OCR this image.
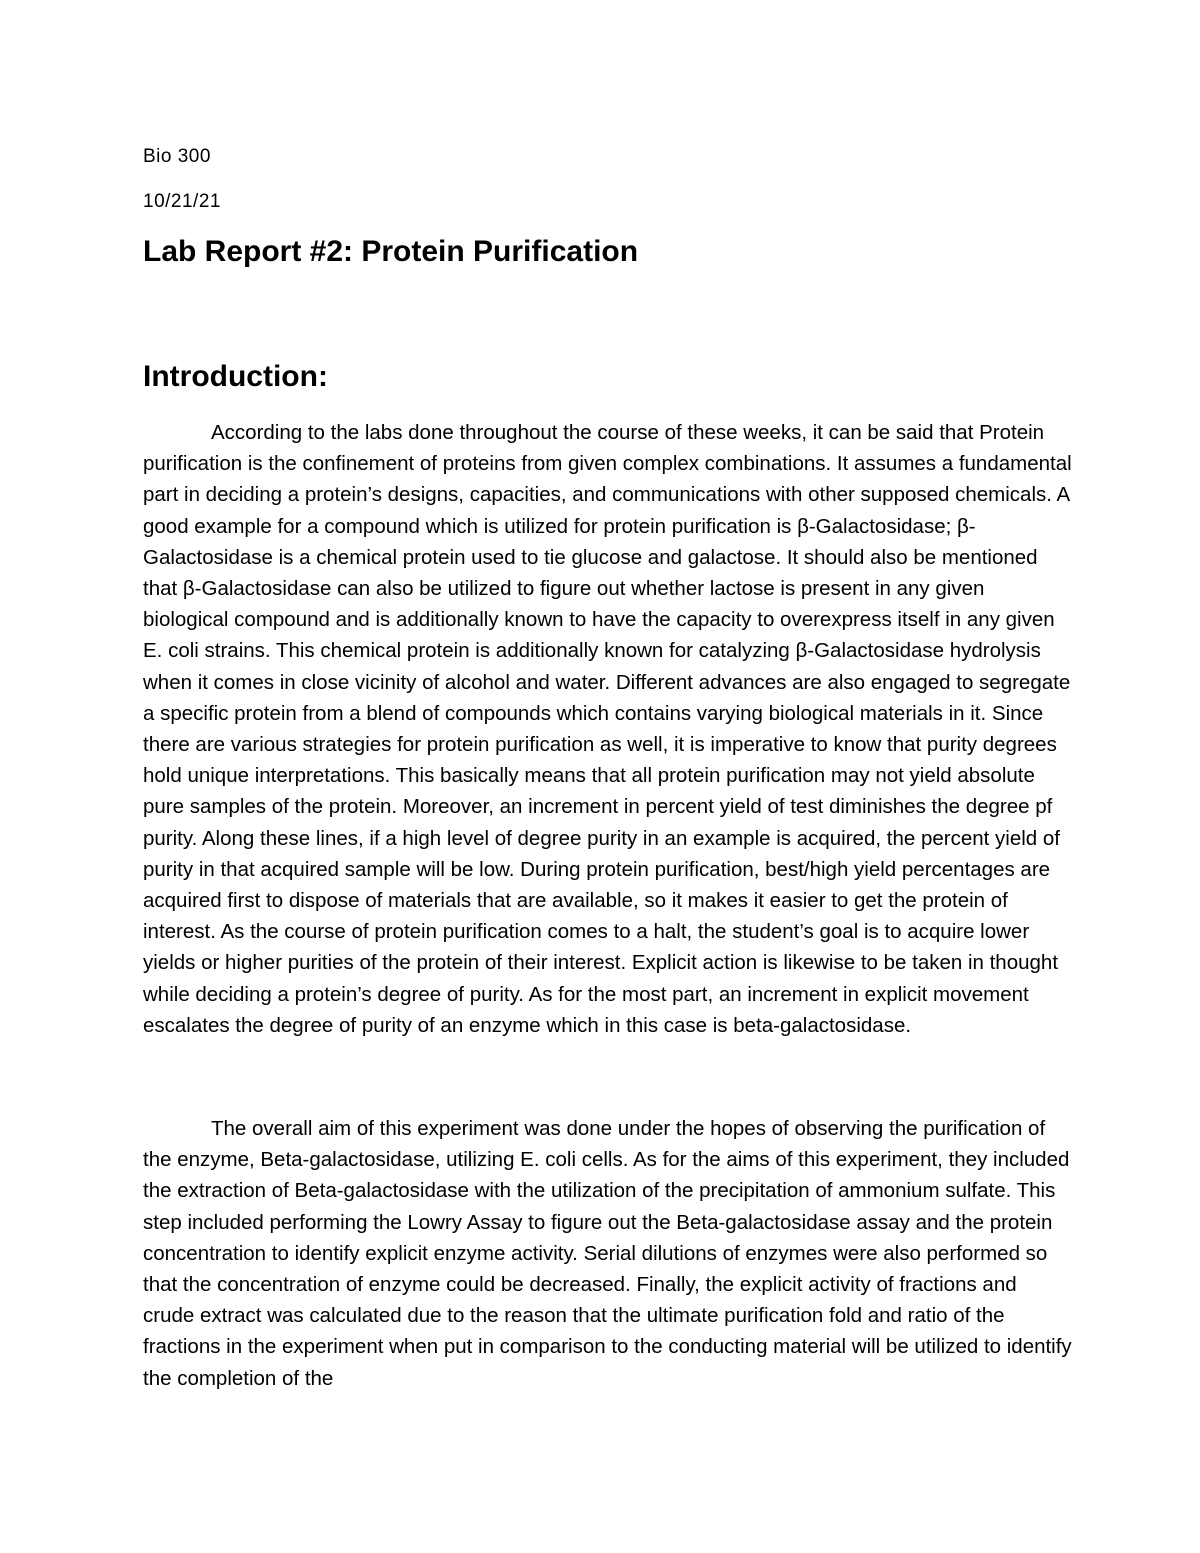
Bio 300
10/21/21
Lab Report #2: Protein Purification
Introduction:

According to the labs done throughout the course of these weeks, it can be said that Protein purification is the confinement of proteins from given complex combinations. It assumes a fundamental part in deciding a protein’s designs, capacities, and communications with other supposed chemicals. A good example for a compound which is utilized for protein purification is β-Galactosidase; β-Galactosidase is a chemical protein used to tie glucose and galactose. It should also be mentioned that β-Galactosidase can also be utilized to figure out whether lactose is present in any given biological compound and is additionally known to have the capacity to overexpress itself in any given E. coli strains. This chemical protein is additionally known for catalyzing β-Galactosidase hydrolysis when it comes in close vicinity of alcohol and water. Different advances are also engaged to segregate a specific protein from a blend of compounds which contains varying biological materials in it. Since there are various strategies for protein purification as well, it is imperative to know that purity degrees hold unique interpretations. This basically means that all protein purification may not yield absolute pure samples of the protein. Moreover, an increment in percent yield of test diminishes the degree pf purity. Along these lines, if a high level of degree purity in an example is acquired, the percent yield of purity in that acquired sample will be low. During protein purification, best/high yield percentages are acquired first to dispose of materials that are available, so it makes it easier to get the protein of interest. As the course of protein purification comes to a halt, the student’s goal is to acquire lower yields or higher purities of the protein of their interest. Explicit action is likewise to be taken in thought while deciding a protein’s degree of purity. As for the most part, an increment in explicit movement escalates the degree of purity of an enzyme which in this case is beta-galactosidase.

The overall aim of this experiment was done under the hopes of observing the purification of the enzyme, Beta-galactosidase, utilizing E. coli cells. As for the aims of this experiment, they included the extraction of Beta-galactosidase with the utilization of the precipitation of ammonium sulfate. This step included performing the Lowry Assay to figure out the Beta-galactosidase assay and the protein concentration to identify explicit enzyme activity. Serial dilutions of enzymes were also performed so that the concentration of enzyme could be decreased. Finally, the explicit activity of fractions and crude extract was calculated due to the reason that the ultimate purification fold and ratio of the fractions in the experiment when put in comparison to the conducting material will be utilized to identify the completion of the
